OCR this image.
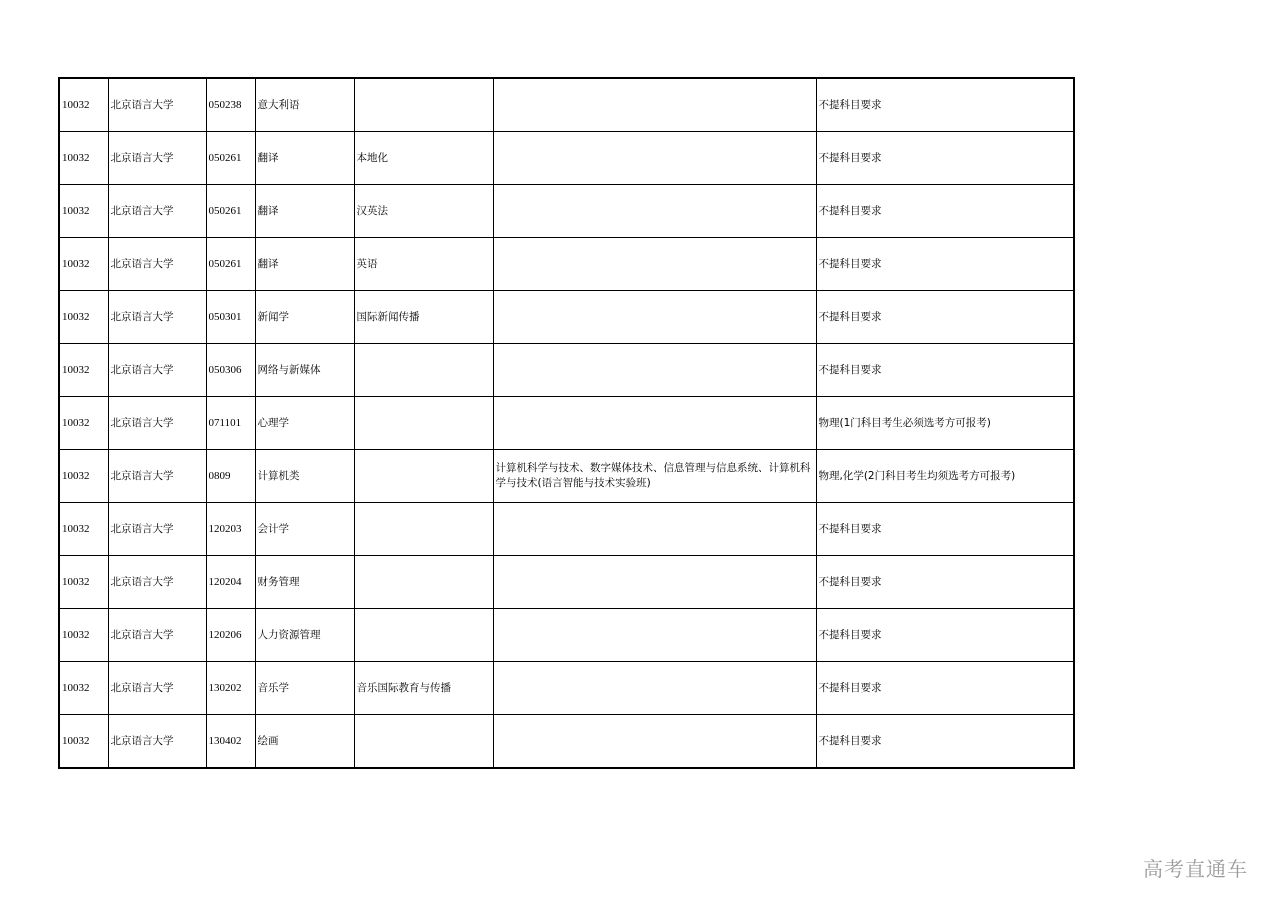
10032	北京语言大学	050238	意大利语			不提科目要求
10032	北京语言大学	050261	翻译	本地化		不提科目要求
10032	北京语言大学	050261	翻译	汉英法		不提科目要求
10032	北京语言大学	050261	翻译	英语		不提科目要求
10032	北京语言大学	050301	新闻学	国际新闻传播		不提科目要求
10032	北京语言大学	050306	网络与新媒体			不提科目要求
10032	北京语言大学	071101	心理学			物理(1门科目考生必须选考方可报考)
10032	北京语言大学	0809	计算机类		计算机科学与技术、数字媒体技术、信息管理与信息系统、计算机科学与技术(语言智能与技术实验班)	物理,化学(2门科目考生均须选考方可报考)
10032	北京语言大学	120203	会计学			不提科目要求
10032	北京语言大学	120204	财务管理			不提科目要求
10032	北京语言大学	120206	人力资源管理			不提科目要求
10032	北京语言大学	130202	音乐学	音乐国际教育与传播		不提科目要求
10032	北京语言大学	130402	绘画			不提科目要求
高考直通车
